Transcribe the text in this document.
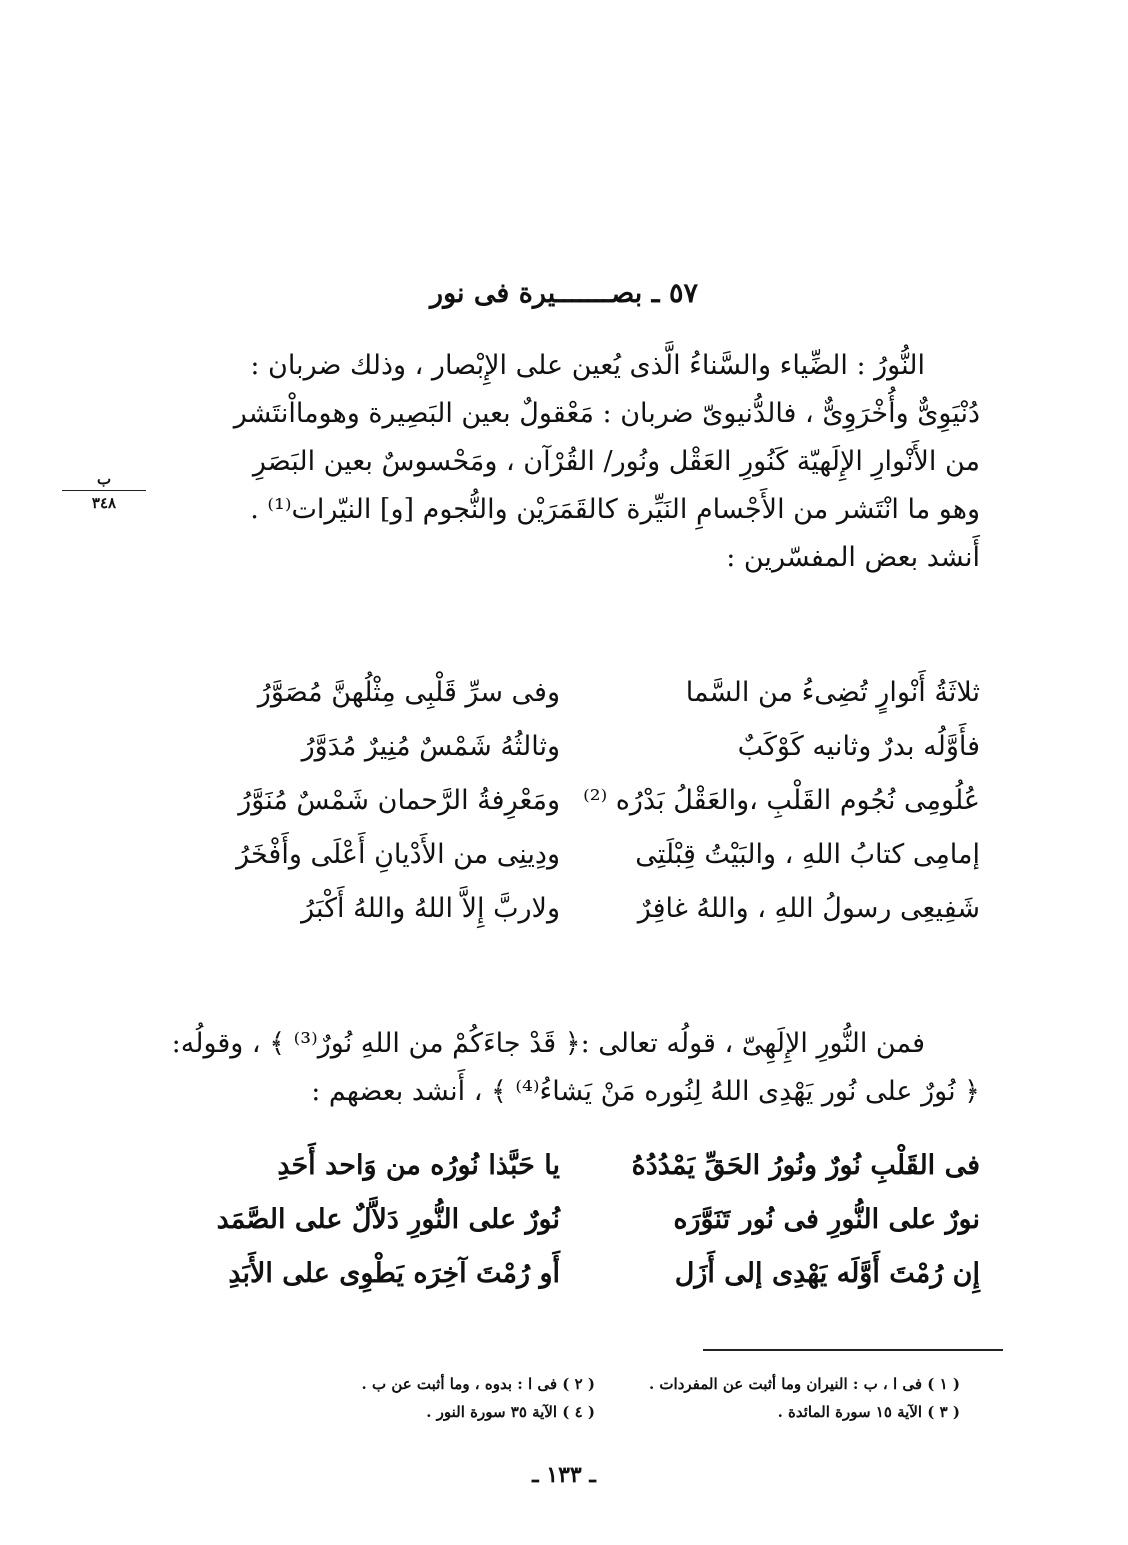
٥٧ ـ بصـــــــيرة فى نور
النُّورُ : الضِّياء والسَّناءُ الَّذى يُعين على الإِبْصار ، وذلك ضربان :
دُنْيَوِىٌّ وأُخْرَوِىٌّ ، فالدُّنيوىّ ضربان : مَعْقولٌ بعين البَصِيرة وهومااْنتَشر
من الأَنْوارِ الإِلَهيّة كَنُورِ العَقْل ونُور/ القُرْآن ، ومَحْسوسٌ بعين البَصَرِ
وهو ما انْتَشر من الأَجْسامِ النَيِّرة كالقَمَرَيْن والنُّجوم [و] النيّرات⁽¹⁾ .
أَنشد بعض المفسّرين :
ب
٣٤٨
ثلاثَةُ أَنْوارٍ تُضِىءُ من السَّما
وفى سرِّ قَلْبِى مِثْلُهنَّ مُصَوَّرُ
فأَوَّلُه بدرٌ وثانيه كَوْكَبٌ
وثالثُهُ شَمْسٌ مُنِيرٌ مُدَوَّرُ
عُلُومِى نُجُوم القَلْبِ ،والعَقْلُ بَدْرُه ⁽²⁾
ومَعْرِفةُ الرَّحمان شَمْسٌ مُنَوَّرُ
إمامِى كتابُ اللهِ ، والبَيْتُ قِبْلَتِى
ودِينِى من الأَدْيانِ أَعْلَى وأَفْخَرُ
شَفِيعِى رسولُ اللهِ ، واللهُ غافِرٌ
ولاربَّ إِلاَّ اللهُ واللهُ أَكْبَرُ
فمن النُّورِ الإِلَهِىّ ، قولُه تعالى :﴿ قَدْ جاءَكُمْ من اللهِ نُورٌ⁽³⁾ ﴾ ، وقولُه:
﴿ نُورٌ على نُور يَهْدِى اللهُ لِنُوره مَنْ يَشاءُ⁽⁴⁾ ﴾ ، أَنشد بعضهم :
فى القَلْبِ نُورٌ ونُورُ الحَقِّ يَمْدُدُهُ
يا حَبَّذا نُورُه من وَاحد أَحَدِ
نورٌ على النُّورِ فى نُور تَنَوَّرَه
نُورٌ على النُّورِ دَلاَّلٌ على الصَّمَد
إِن رُمْتَ أَوَّلَه يَهْدِى إلى أَزَل
أَو رُمْتَ آخِرَه يَطْوِى على الأَبَدِ
( ١ ) فى ا ، ب : النيران وما أثبت عن المفردات .
( ٢ ) فى ا : بدوه ، وما أثبت عن ب .
( ٣ ) الآية ١٥ سورة المائدة .
( ٤ ) الآية ٣٥ سورة النور .
ـ ١٣٣ ـ
